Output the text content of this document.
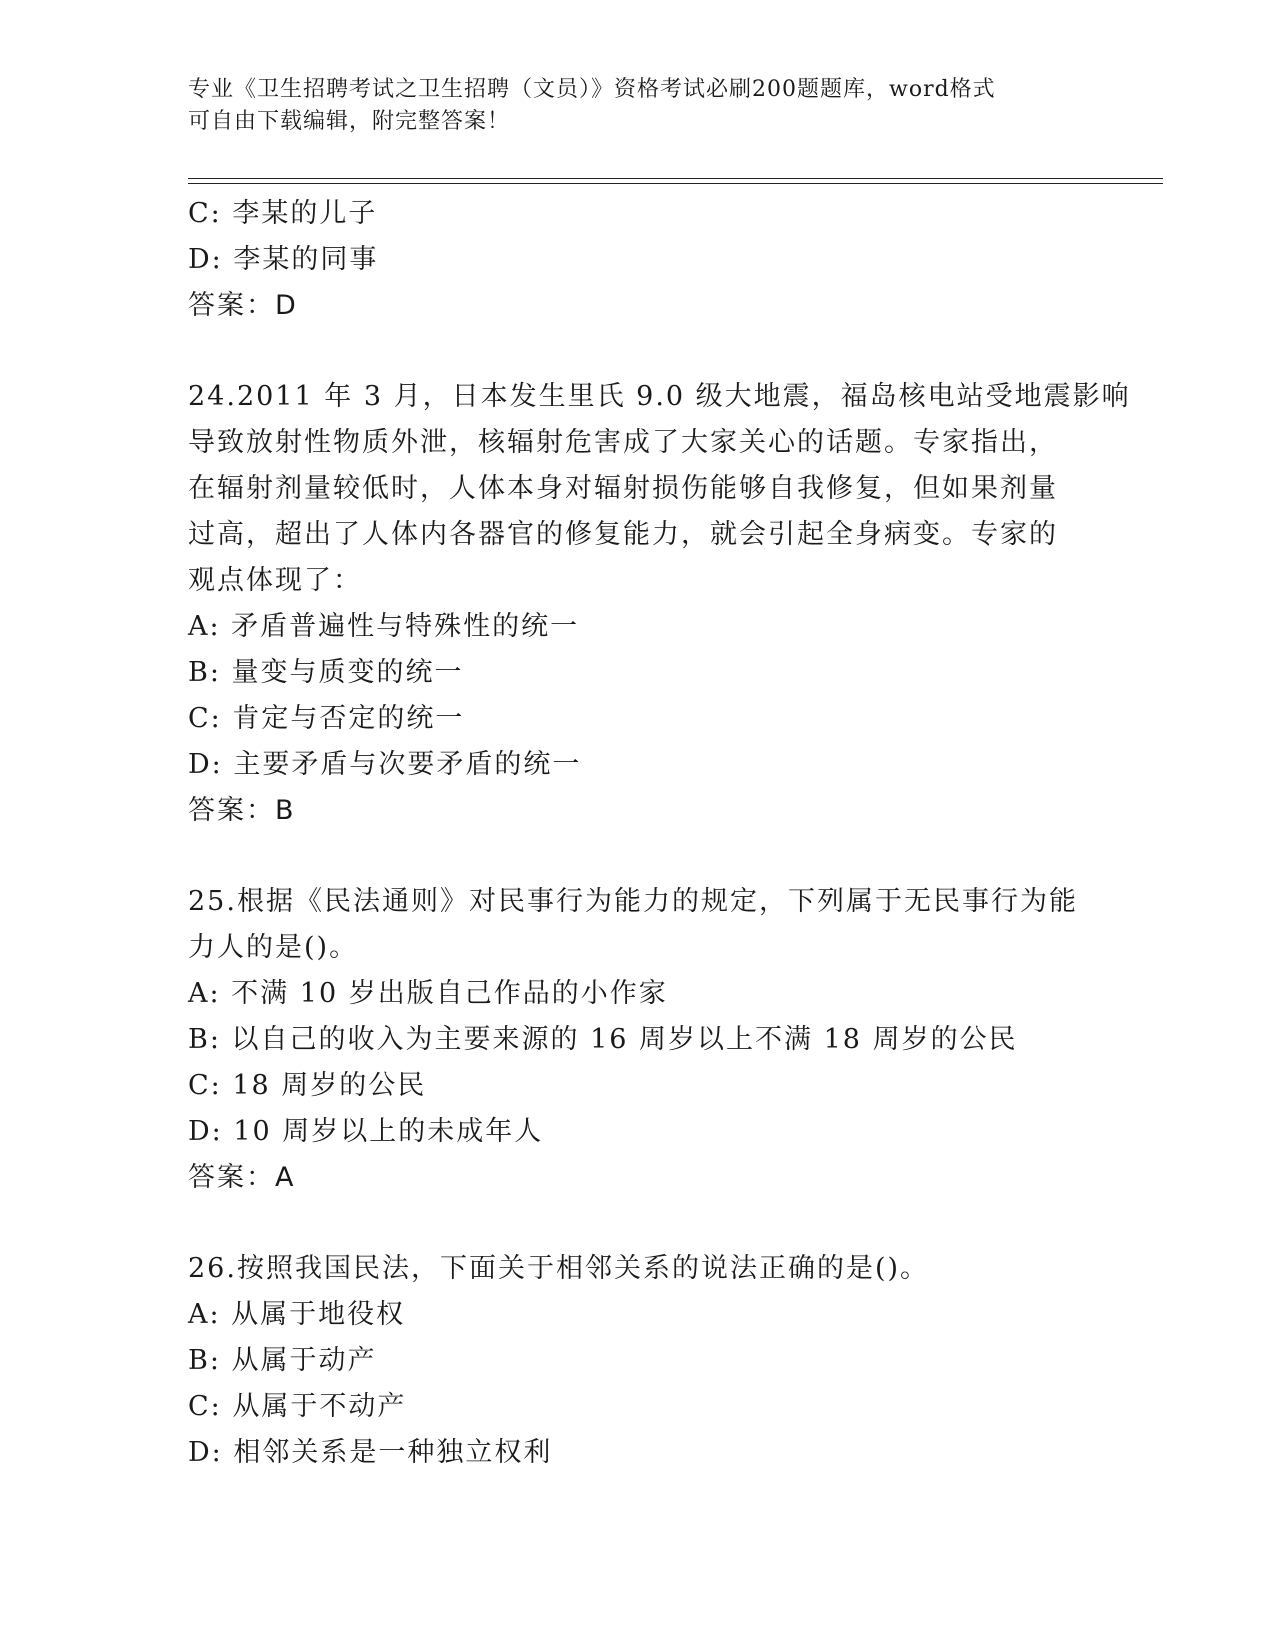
专业《卫生招聘考试之卫生招聘（文员）》资格考试必刷200题题库，word格式
可自由下载编辑，附完整答案！
C: 李某的儿子
D: 李某的同事
答案：D
24.2011 年 3 月，日本发生里氏 9.0 级大地震，福岛核电站受地震影响
导致放射性物质外泄，核辐射危害成了大家关心的话题。专家指出，
在辐射剂量较低时，人体本身对辐射损伤能够自我修复，但如果剂量
过高，超出了人体内各器官的修复能力，就会引起全身病变。专家的
观点体现了：
A: 矛盾普遍性与特殊性的统一
B: 量变与质变的统一
C: 肯定与否定的统一
D: 主要矛盾与次要矛盾的统一
答案：B
25.根据《民法通则》对民事行为能力的规定，下列属于无民事行为能
力人的是()。
A: 不满 10 岁出版自己作品的小作家
B: 以自己的收入为主要来源的 16 周岁以上不满 18 周岁的公民
C: 18 周岁的公民
D: 10 周岁以上的未成年人
答案：A
26.按照我国民法，下面关于相邻关系的说法正确的是()。
A: 从属于地役权
B: 从属于动产
C: 从属于不动产
D: 相邻关系是一种独立权利
